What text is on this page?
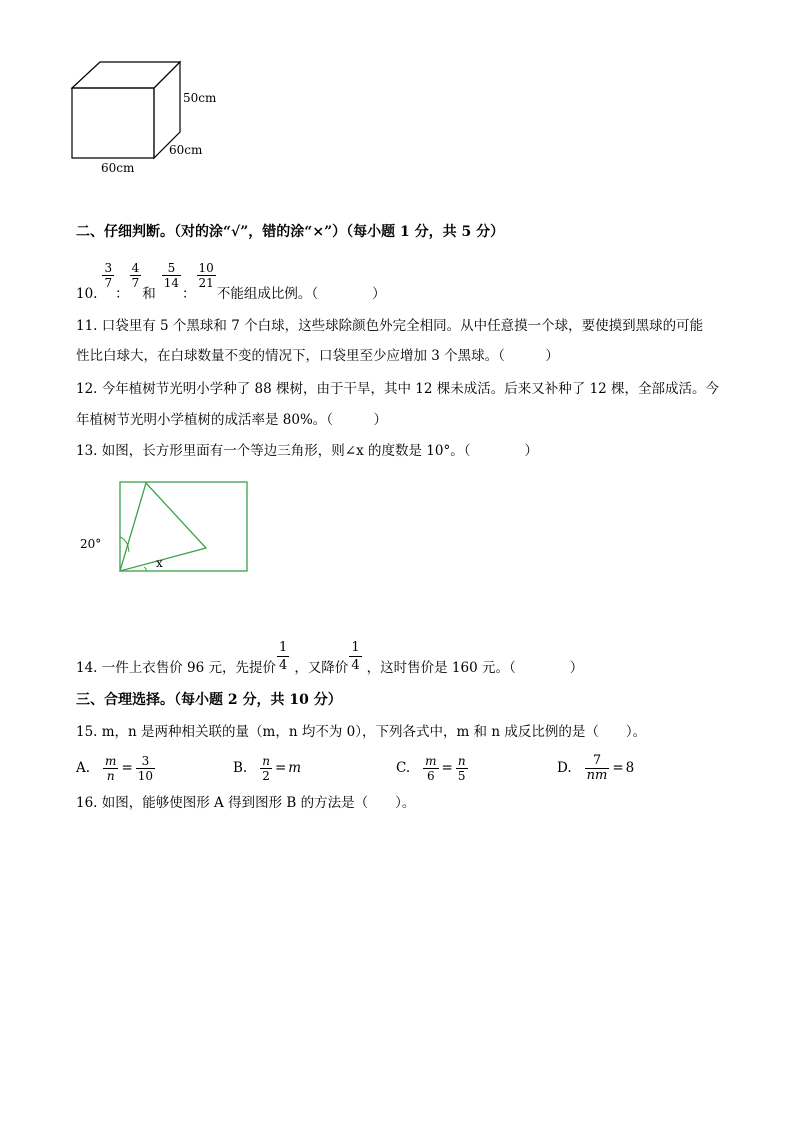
50cm
60cm
60cm
二、仔细判断。（对的涂“√”，错的涂“×”）（每小题 1 分，共 5 分）
10.
$\frac{3}{7}$
：
$\frac{4}{7}$
和
$\frac{5}{14}$
：
$\frac{10}{21}$
不能组成比例。（　　　　）
11. 口袋里有 5 个黑球和 7 个白球，这些球除颜色外完全相同。从中任意摸一个球，要使摸到黑球的可能
性比白球大，在白球数量不变的情况下，口袋里至少应增加 3 个黑球。（　　　）
12. 今年植树节光明小学种了 88 棵树，由于干旱，其中 12 棵未成活。后来又补种了 12 棵，全部成活。今
年植树节光明小学植树的成活率是 80%。（　　　）
13. 如图，长方形里面有一个等边三角形，则∠x 的度数是 10°。（　　　　）
20°
x
14. 一件上衣售价 96 元，先提价 $\frac{1}{4}$ ，又降价 $\frac{1}{4}$ ，这时售价是 160 元。（　　　　）
三、合理选择。（每小题 2 分，共 10 分）
15. m，n 是两种相关联的量（m，n 均不为 0），下列各式中，m 和 n 成反比例的是（　　）。
A. $\frac{m}{n} = \frac{3}{10}$	B. $\frac{n}{2} = m$	C. $\frac{m}{6} = \frac{n}{5}$	D. $\frac{7}{nm} = 8$
16. 如图，能够使图形 A 得到图形 B 的方法是（　　）。
